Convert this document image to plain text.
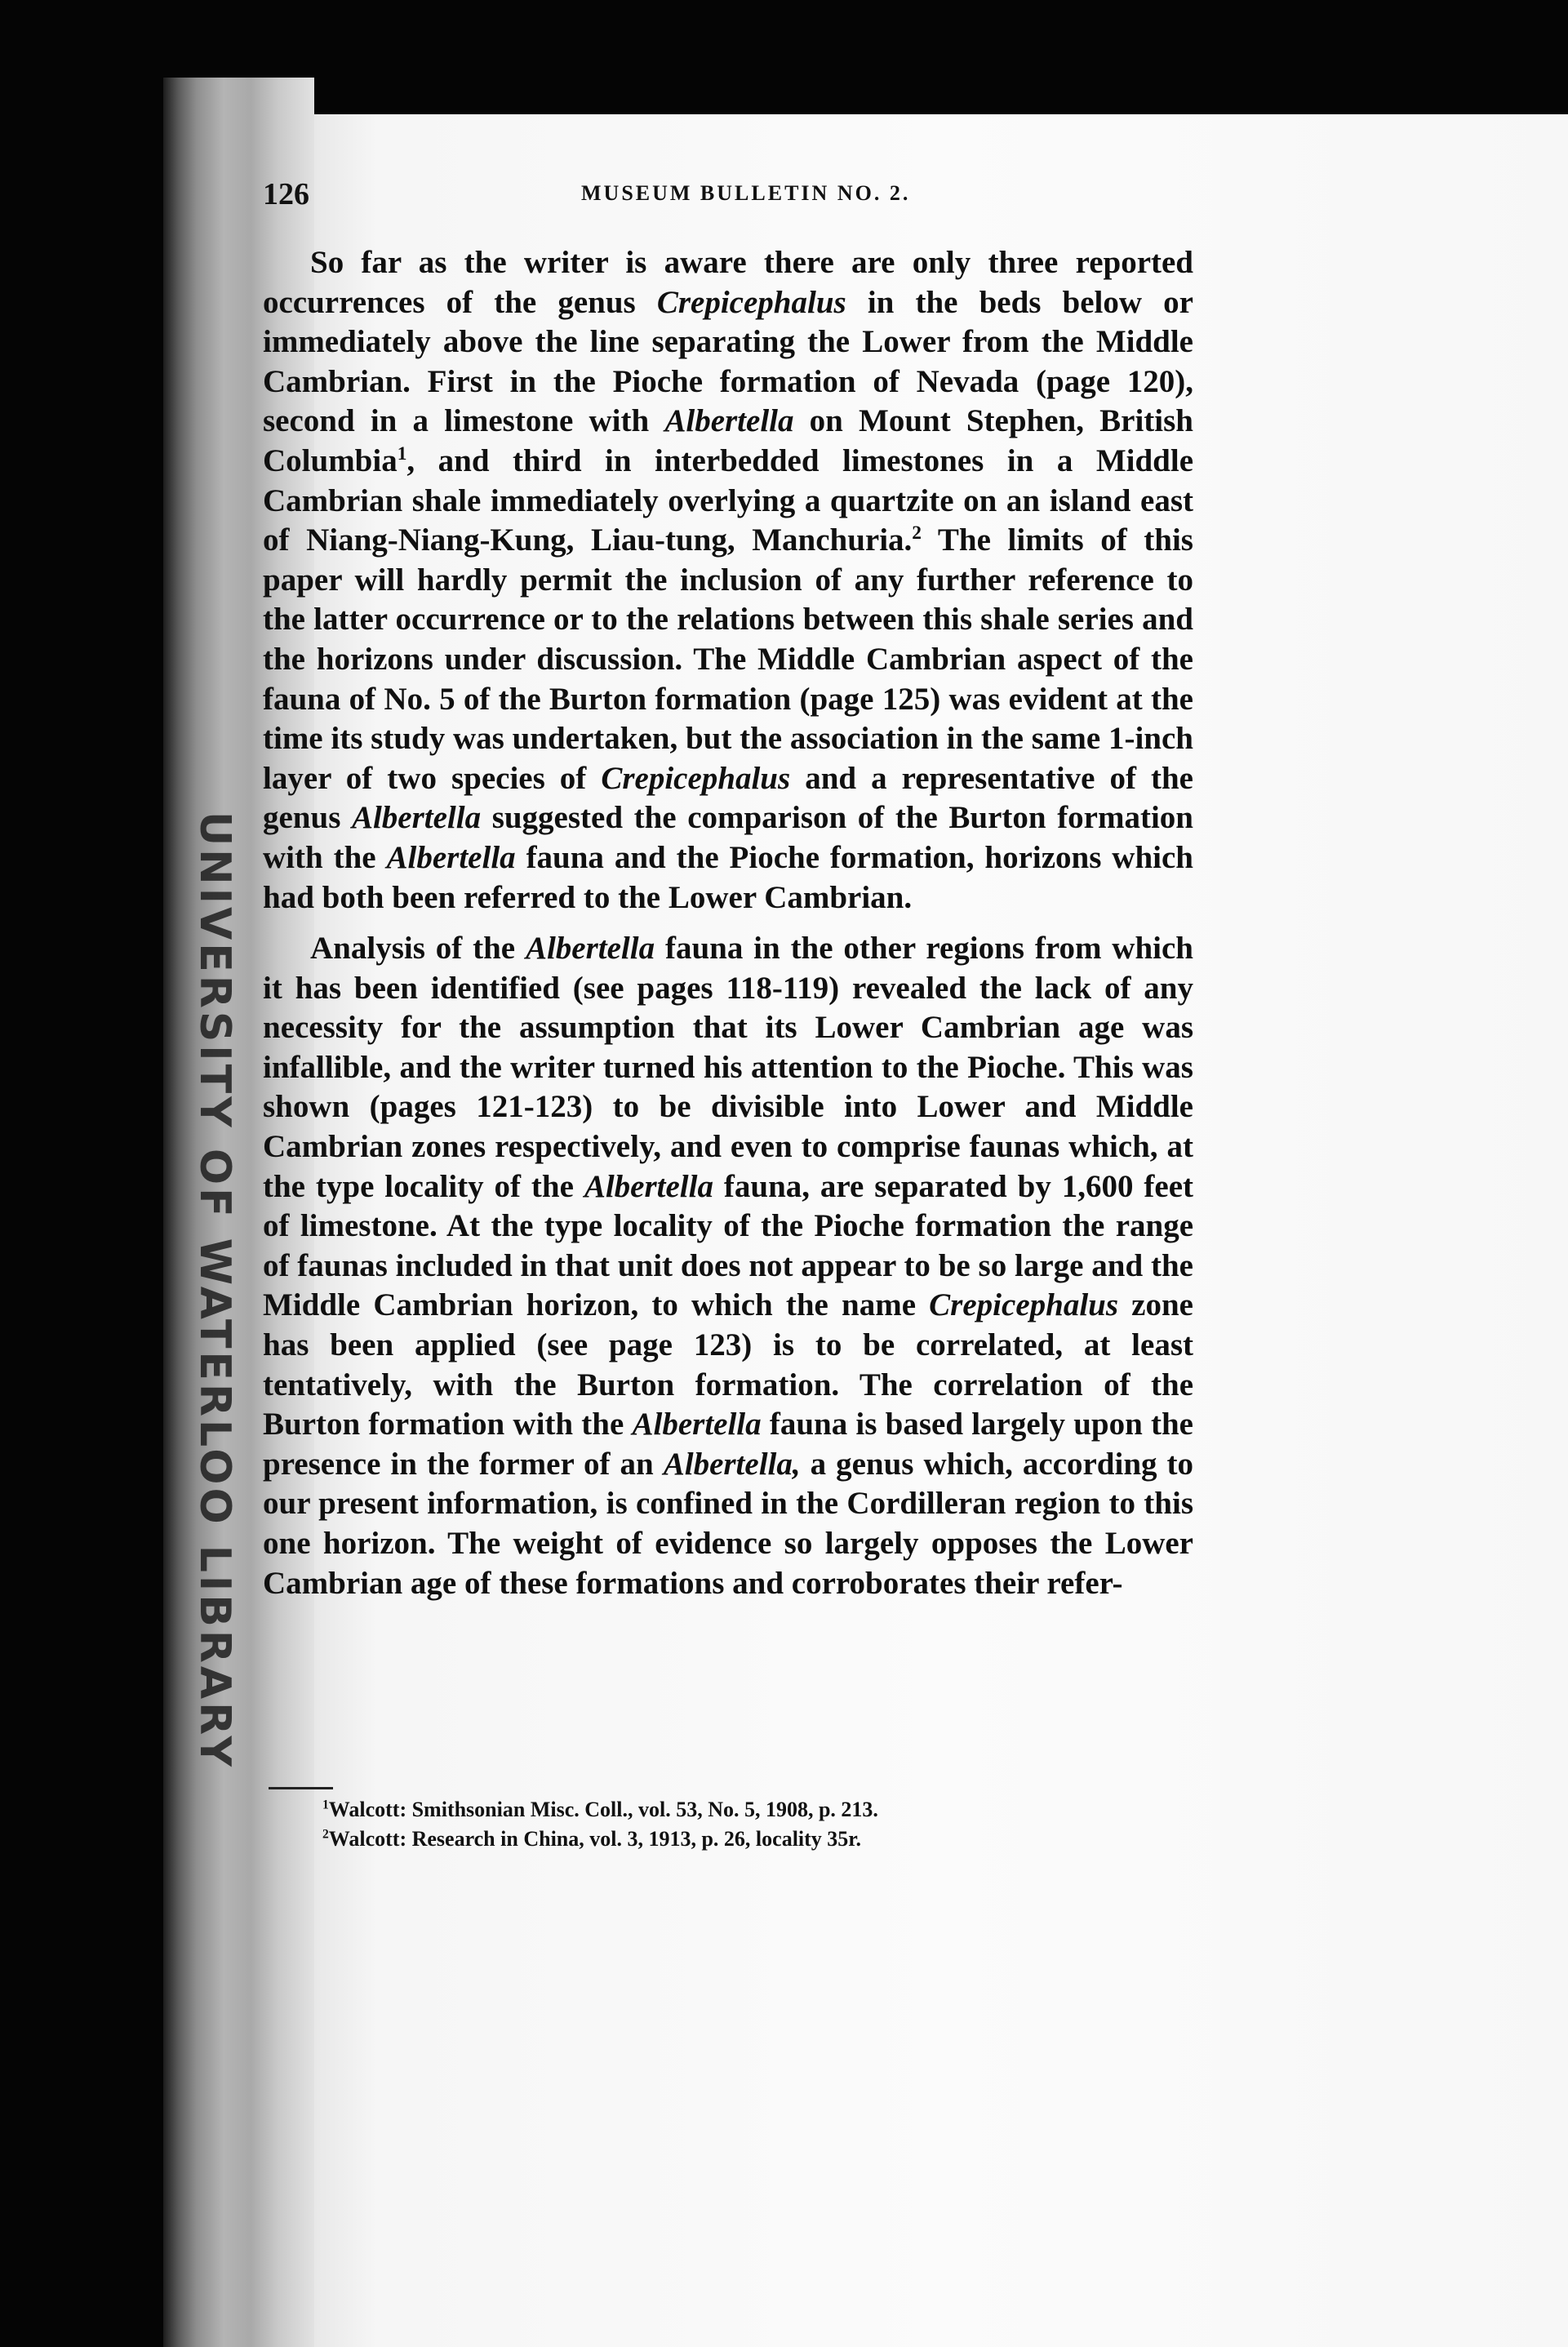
UNIVERSITY OF WATERLOO LIBRARY
126	MUSEUM BULLETIN NO. 2.

So far as the writer is aware there are only three reported occurrences of the genus Crepicephalus in the beds below or immediately above the line separating the Lower from the Middle Cambrian. First in the Pioche formation of Nevada (page 120), second in a limestone with Albertella on Mount Stephen, British Columbia$^1$, and third in interbedded limestones in a Middle Cambrian shale immediately overlying a quartzite on an island east of Niang-Niang-Kung, Liau-tung, Manchuria.$^2$ The limits of this paper will hardly permit the inclusion of any further reference to the latter occurrence or to the relations between this shale series and the horizons under discussion. The Middle Cambrian aspect of the fauna of No. 5 of the Burton formation (page 125) was evident at the time its study was undertaken, but the association in the same 1-inch layer of two species of Crepicephalus and a representative of the genus Albertella suggested the comparison of the Burton formation with the Albertella fauna and the Pioche formation, horizons which had both been referred to the Lower Cambrian.

Analysis of the Albertella fauna in the other regions from which it has been identified (see pages 118-119) revealed the lack of any necessity for the assumption that its Lower Cambrian age was infallible, and the writer turned his attention to the Pioche. This was shown (pages 121-123) to be divisible into Lower and Middle Cambrian zones respectively, and even to comprise faunas which, at the type locality of the Albertella fauna, are separated by 1,600 feet of limestone. At the type locality of the Pioche formation the range of faunas included in that unit does not appear to be so large and the Middle Cambrian horizon, to which the name Crepicephalus zone has been applied (see page 123) is to be correlated, at least tentatively, with the Burton formation. The correlation of the Burton formation with the Albertella fauna is based largely upon the presence in the former of an Albertella, a genus which, according to our present information, is confined in the Cordilleran region to this one horizon. The weight of evidence so largely opposes the Lower Cambrian age of these formations and corroborates their refer-

$^1$Walcott: Smithsonian Misc. Coll., vol. 53, No. 5, 1908, p. 213.
$^2$Walcott: Research in China, vol. 3, 1913, p. 26, locality 35r.
